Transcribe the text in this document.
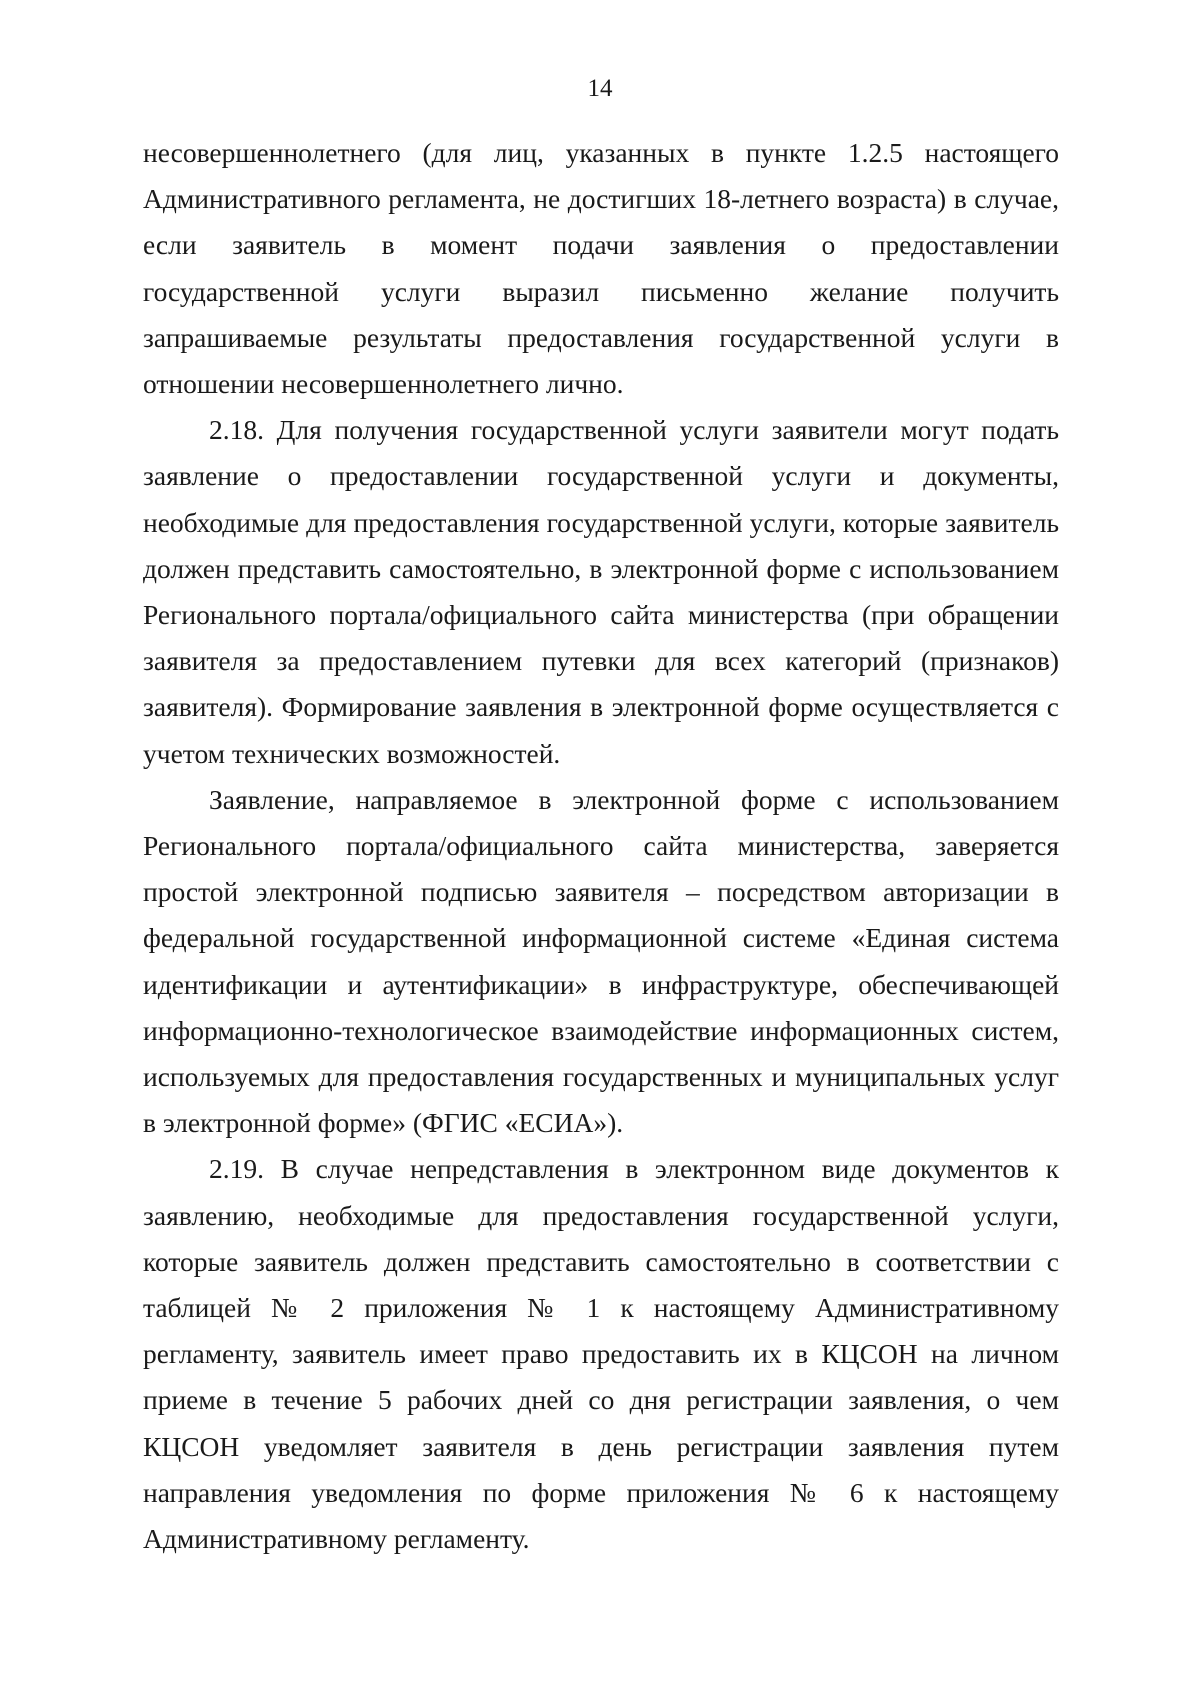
14

несовершеннолетнего (для лиц, указанных в пункте 1.2.5 настоящего Административного регламента, не достигших 18-летнего возраста) в случае, если заявитель в момент подачи заявления о предоставлении государственной услуги выразил письменно желание получить запрашиваемые результаты предоставления государственной услуги в отношении несовершеннолетнего лично.

2.18. Для получения государственной услуги заявители могут подать заявление о предоставлении государственной услуги и документы, необходимые для предоставления государственной услуги, которые заявитель должен представить самостоятельно, в электронной форме с использованием Регионального портала/официального сайта министерства (при обращении заявителя за предоставлением путевки для всех категорий (признаков) заявителя). Формирование заявления в электронной форме осуществляется с учетом технических возможностей.

Заявление, направляемое в электронной форме с использованием Регионального портала/официального сайта министерства, заверяется простой электронной подписью заявителя – посредством авторизации в федеральной государственной информационной системе «Единая система идентификации и аутентификации» в инфраструктуре, обеспечивающей информационно-технологическое взаимодействие информационных систем, используемых для предоставления государственных и муниципальных услуг в электронной форме» (ФГИС «ЕСИА»).

2.19. В случае непредставления в электронном виде документов к заявлению, необходимые для предоставления государственной услуги, которые заявитель должен представить самостоятельно в соответствии с таблицей № 2 приложения № 1 к настоящему Административному регламенту, заявитель имеет право предоставить их в КЦСОН на личном приеме в течение 5 рабочих дней со дня регистрации заявления, о чем КЦСОН уведомляет заявителя в день регистрации заявления путем направления уведомления по форме приложения № 6 к настоящему Административному регламенту.
